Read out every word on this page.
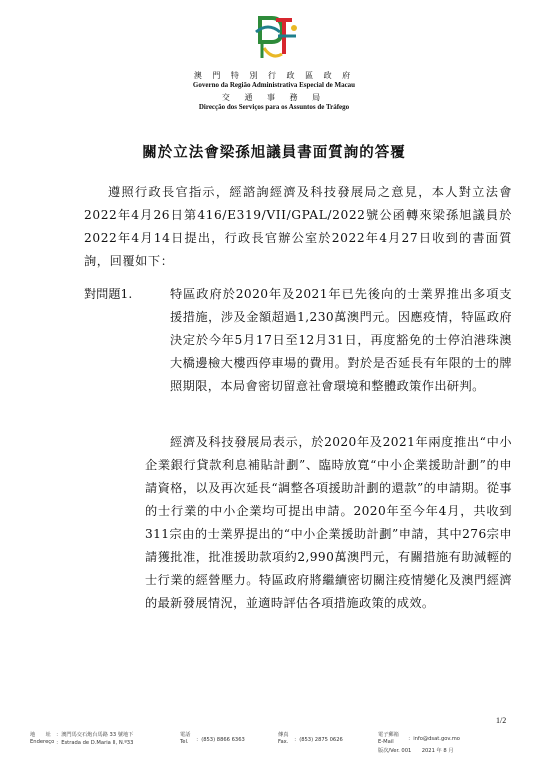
澳 門 特 別 行 政 區 政 府
Governo da Região Administrativa Especial de Macau
交 通 事 務 局
Direcção dos Serviços para os Assuntos de Tráfego
關於立法會梁孫旭議員書面質詢的答覆
遵照行政長官指示，經諮詢經濟及科技發展局之意見，本人對立法會2022年4月26日第416/E319/VII/GPAL/2022號公函轉來梁孫旭議員於2022年4月14日提出，行政長官辦公室於2022年4月27日收到的書面質詢，回覆如下：
對問題1.	特區政府於2020年及2021年已先後向的士業界推出多項支援措施，涉及金額超過1,230萬澳門元。因應疫情，特區政府決定於今年5月17日至12月31日，再度豁免的士停泊港珠澳大橋邊檢大樓西停車場的費用。對於是否延長有年限的士的牌照期限，本局會密切留意社會環境和整體政策作出研判。
經濟及科技發展局表示，於2020年及2021年兩度推出“中小企業銀行貸款利息補貼計劃”、臨時放寬“中小企業援助計劃”的申請資格，以及再次延長“調整各項援助計劃的還款”的申請期。從事的士行業的中小企業均可提出申請。2020年至今年4月，共收到311宗由的士業界提出的“中小企業援助計劃”申請，其中276宗申請獲批准，批准援助款項約2,990萬澳門元，有關措施有助減輕的士行業的經營壓力。特區政府將繼續密切關注疫情變化及澳門經濟的最新發展情況，並適時評估各項措施政策的成效。
1/2
地　　址 ：澳門馬交石炮台馬路 33 號地下
Endereço ：Estrada de D.Maria II, N.º33
電話
Tel. ：(853) 8866 6363
傳真
Fax. ：(853) 2875 0626
電子郵箱
E-Mail	：info@dsat.gov.mo
版次/Ver. 001　　2021 年 8 月
